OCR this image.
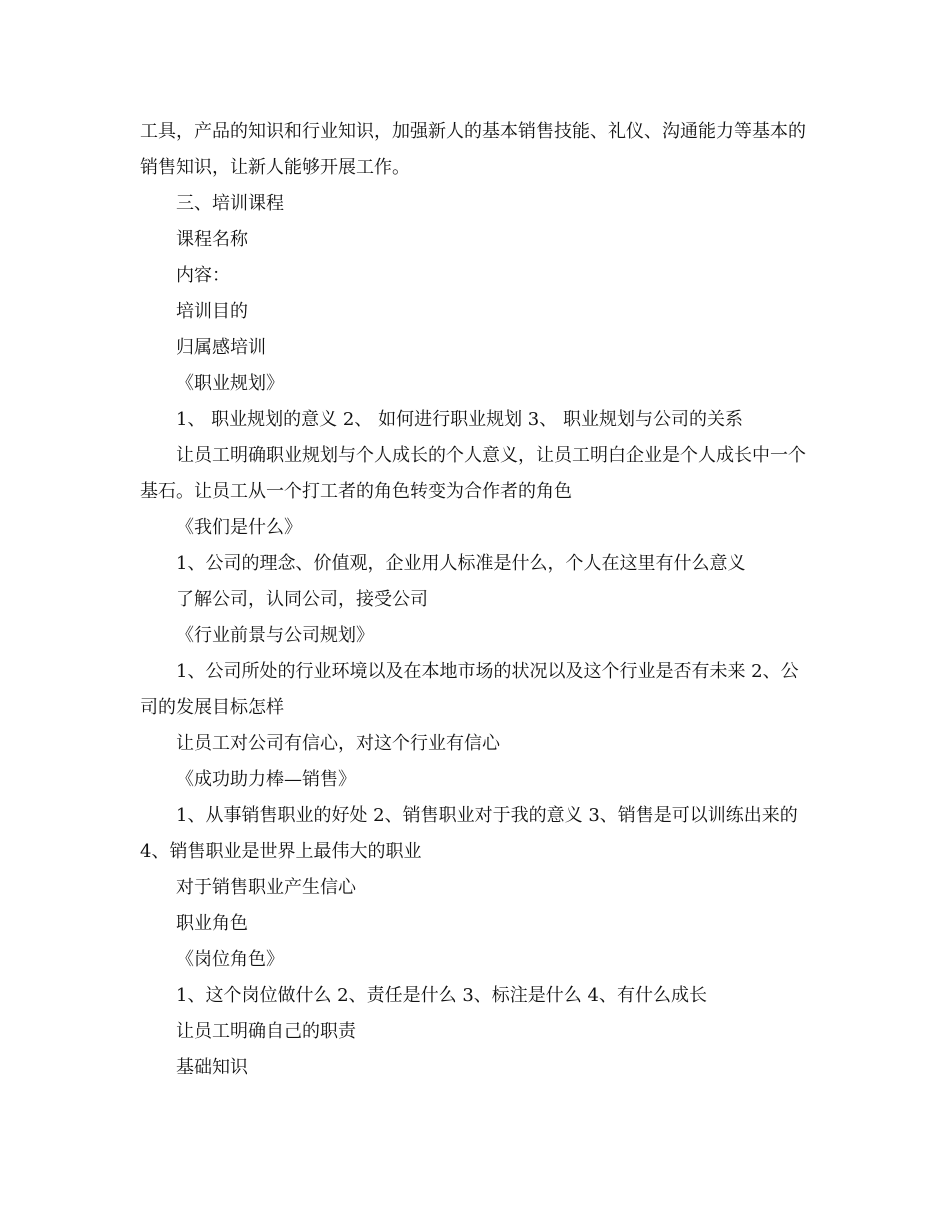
工具，产品的知识和行业知识，加强新人的基本销售技能、礼仪、沟通能力等基本的销售知识，让新人能够开展工作。

三、培训课程

课程名称

内容：

培训目的

归属感培训

《职业规划》

1、 职业规划的意义 2、 如何进行职业规划 3、 职业规划与公司的关系

让员工明确职业规划与个人成长的个人意义，让员工明白企业是个人成长中一个基石。让员工从一个打工者的角色转变为合作者的角色

《我们是什么》

1、公司的理念、价值观，企业用人标准是什么，个人在这里有什么意义

了解公司，认同公司，接受公司

《行业前景与公司规划》

1、公司所处的行业环境以及在本地市场的状况以及这个行业是否有未来 2、公司的发展目标怎样

让员工对公司有信心，对这个行业有信心

《成功助力棒—销售》

1、从事销售职业的好处 2、销售职业对于我的意义 3、销售是可以训练出来的 4、销售职业是世界上最伟大的职业

对于销售职业产生信心

职业角色

《岗位角色》

1、这个岗位做什么 2、责任是什么 3、标注是什么 4、有什么成长

让员工明确自己的职责

基础知识
